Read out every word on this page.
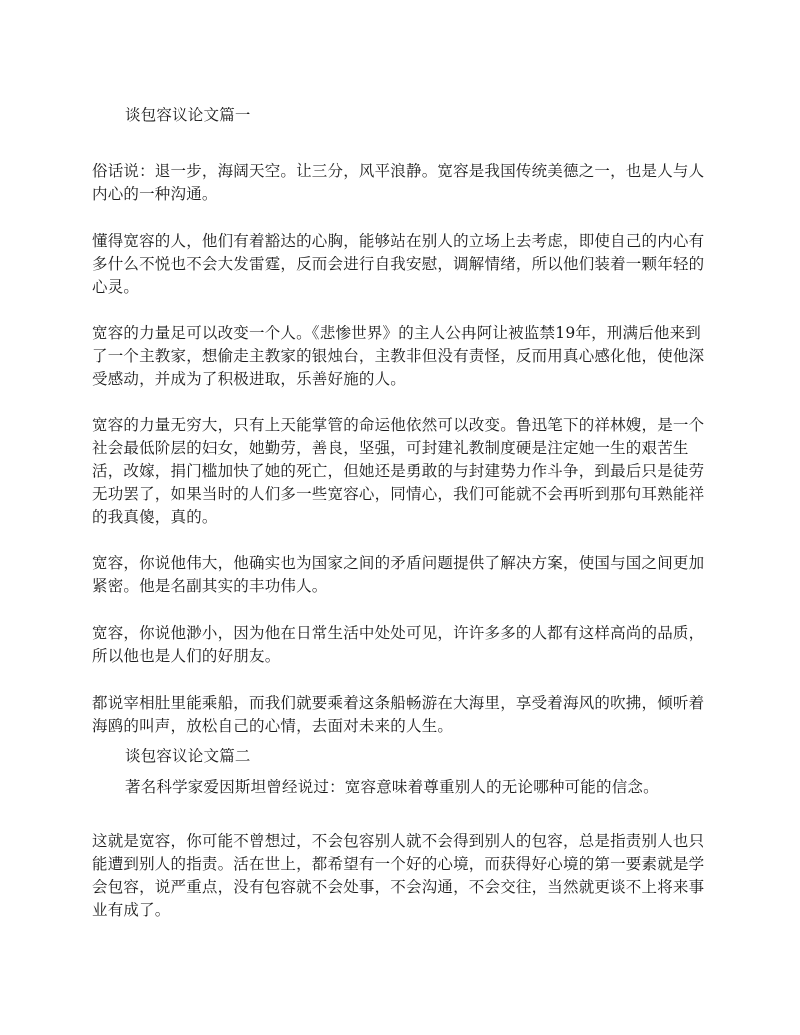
谈包容议论文篇一

俗话说：退一步，海阔天空。让三分，风平浪静。宽容是我国传统美德之一，也是人与人内心的一种沟通。

懂得宽容的人，他们有着豁达的心胸，能够站在别人的立场上去考虑，即使自己的内心有多什么不悦也不会大发雷霆，反而会进行自我安慰，调解情绪，所以他们装着一颗年轻的心灵。

宽容的力量足可以改变一个人。《悲惨世界》的主人公冉阿让被监禁19年，刑满后他来到了一个主教家，想偷走主教家的银烛台，主教非但没有责怪，反而用真心感化他，使他深受感动，并成为了积极进取，乐善好施的人。

宽容的力量无穷大，只有上天能掌管的命运他依然可以改变。鲁迅笔下的祥林嫂，是一个社会最低阶层的妇女，她勤劳，善良，坚强，可封建礼教制度硬是注定她一生的艰苦生活，改嫁，捐门槛加快了她的死亡，但她还是勇敢的与封建势力作斗争，到最后只是徒劳无功罢了，如果当时的人们多一些宽容心，同情心，我们可能就不会再听到那句耳熟能祥的我真傻，真的。

宽容，你说他伟大，他确实也为国家之间的矛盾问题提供了解决方案，使国与国之间更加紧密。他是名副其实的丰功伟人。

宽容，你说他渺小，因为他在日常生活中处处可见，许许多多的人都有这样高尚的品质，所以他也是人们的好朋友。

都说宰相肚里能乘船，而我们就要乘着这条船畅游在大海里，享受着海风的吹拂，倾听着海鸥的叫声，放松自己的心情，去面对未来的人生。

谈包容议论文篇二

著名科学家爱因斯坦曾经说过：宽容意味着尊重别人的无论哪种可能的信念。

这就是宽容，你可能不曾想过，不会包容别人就不会得到别人的包容，总是指责别人也只能遭到别人的指责。活在世上，都希望有一个好的心境，而获得好心境的第一要素就是学会包容，说严重点，没有包容就不会处事，不会沟通，不会交往，当然就更谈不上将来事业有成了。
